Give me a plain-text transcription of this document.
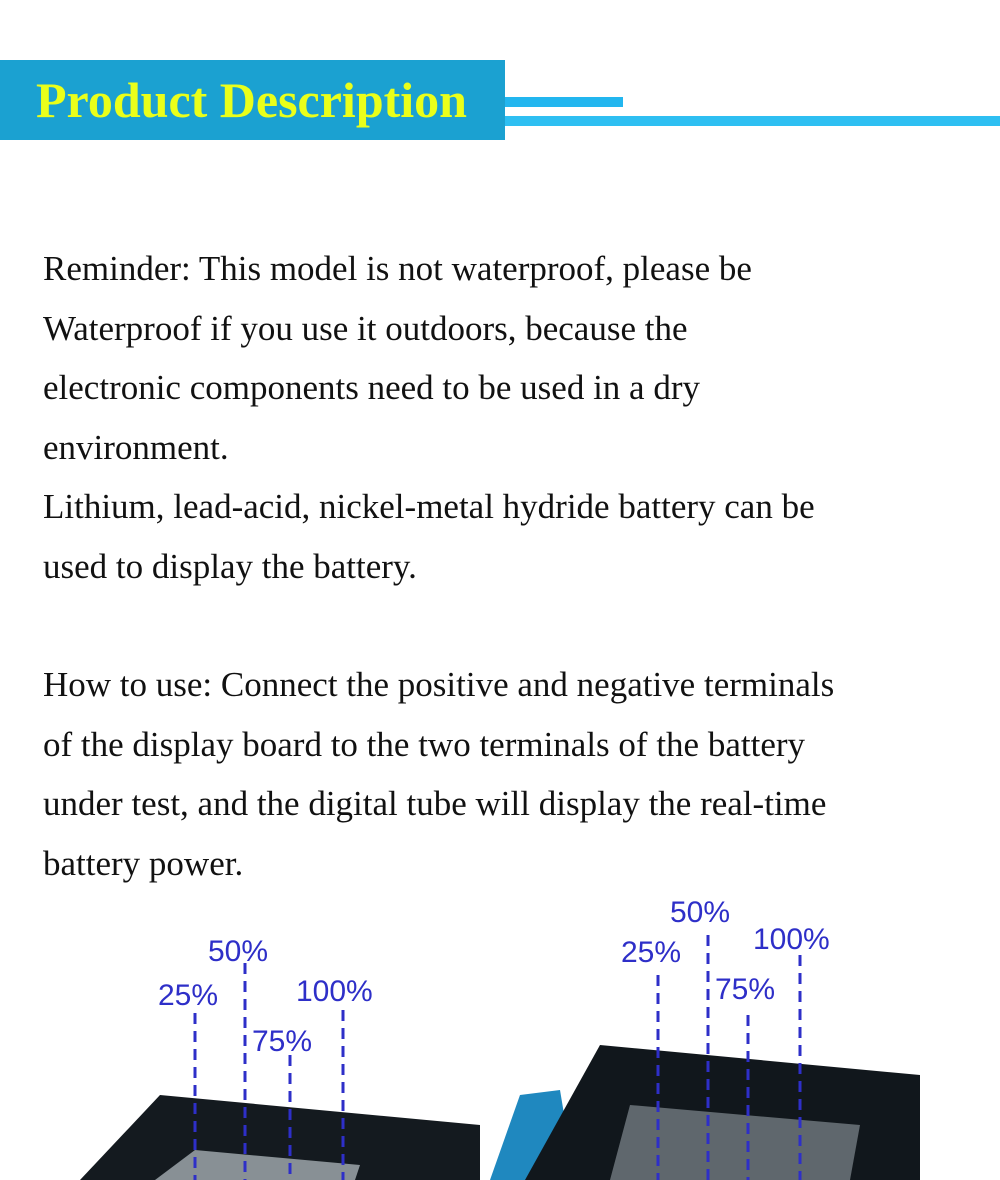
Product Description
Reminder: This model is not waterproof, please be
Waterproof if you use it outdoors, because the
electronic components need to be used in a dry
environment.
Lithium, lead-acid, nickel-metal hydride battery can be
used to display the battery.
How to use: Connect the positive and negative terminals
of the display board to the two terminals of the battery
under test, and the digital tube will display the real-time
battery power.
25%
50%
75%
100%
25%
50%
75%
100%
